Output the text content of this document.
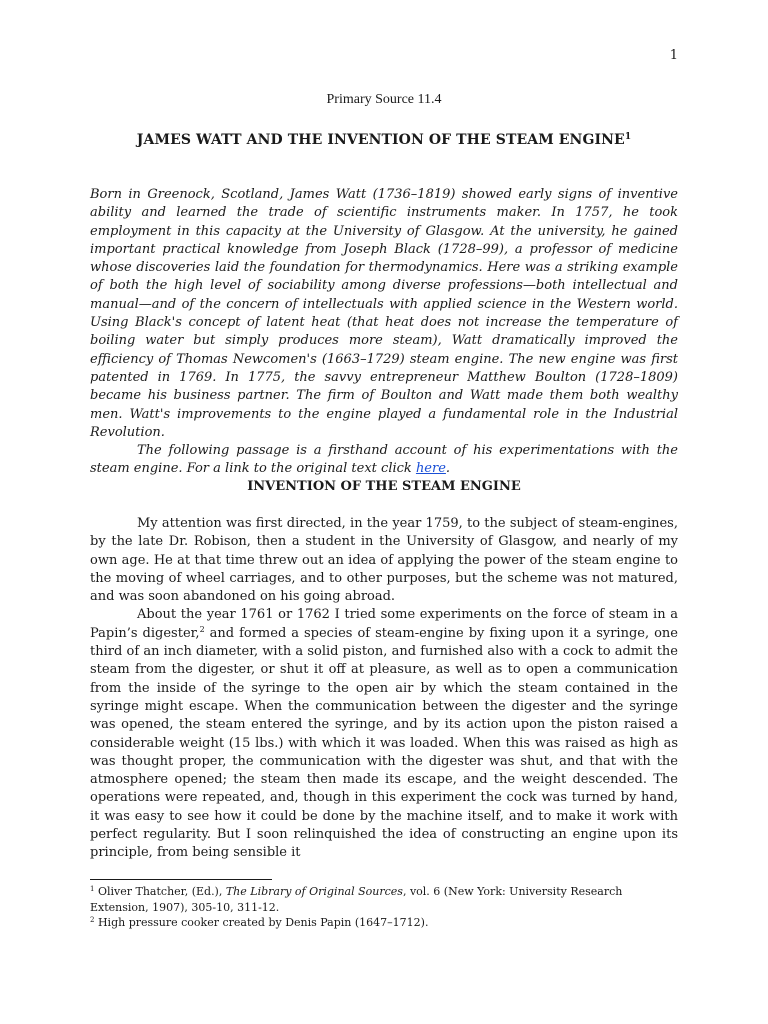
1
Primary Source 11.4
JAMES WATT AND THE INVENTION OF THE STEAM ENGINE$^1$

Born in Greenock, Scotland, James Watt (1736–1819) showed early signs of inventive ability and learned the trade of scientific instruments maker. In 1757, he took employment in this capacity at the University of Glasgow. At the university, he gained important practical knowledge from Joseph Black (1728–99), a professor of medicine whose discoveries laid the foundation for thermodynamics. Here was a striking example of both the high level of sociability among diverse professions—both intellectual and manual—and of the concern of intellectuals with applied science in the Western world. Using Black's concept of latent heat (that heat does not increase the temperature of boiling water but simply produces more steam), Watt dramatically improved the efficiency of Thomas Newcomen's (1663–1729) steam engine. The new engine was first patented in 1769. In 1775, the savvy entrepreneur Matthew Boulton (1728–1809) became his business partner. The firm of Boulton and Watt made them both wealthy men. Watt's improvements to the engine played a fundamental role in the Industrial Revolution.

The following passage is a firsthand account of his experimentations with the steam engine. For a link to the original text click here.

INVENTION OF THE STEAM ENGINE

My attention was first directed, in the year 1759, to the subject of steam-engines, by the late Dr. Robison, then a student in the University of Glasgow, and nearly of my own age. He at that time threw out an idea of applying the power of the steam engine to the moving of wheel carriages, and to other purposes, but the scheme was not matured, and was soon abandoned on his going abroad.

About the year 1761 or 1762 I tried some experiments on the force of steam in a Papin’s digester,$^2$ and formed a species of steam-engine by fixing upon it a syringe, one third of an inch diameter, with a solid piston, and furnished also with a cock to admit the steam from the digester, or shut it off at pleasure, as well as to open a communication from the inside of the syringe to the open air by which the steam contained in the syringe might escape. When the communication between the digester and the syringe was opened, the steam entered the syringe, and by its action upon the piston raised a considerable weight (15 lbs.) with which it was loaded. When this was raised as high as was thought proper, the communication with the digester was shut, and that with the atmosphere opened; the steam then made its escape, and the weight descended. The operations were repeated, and, though in this experiment the cock was turned by hand, it was easy to see how it could be done by the machine itself, and to make it work with perfect regularity. But I soon relinquished the idea of constructing an engine upon its principle, from being sensible it

$^1$ Oliver Thatcher, (Ed.), The Library of Original Sources, vol. 6 (New York: University Research Extension, 1907), 305-10, 311-12.

$^2$ High pressure cooker created by Denis Papin (1647–1712).
